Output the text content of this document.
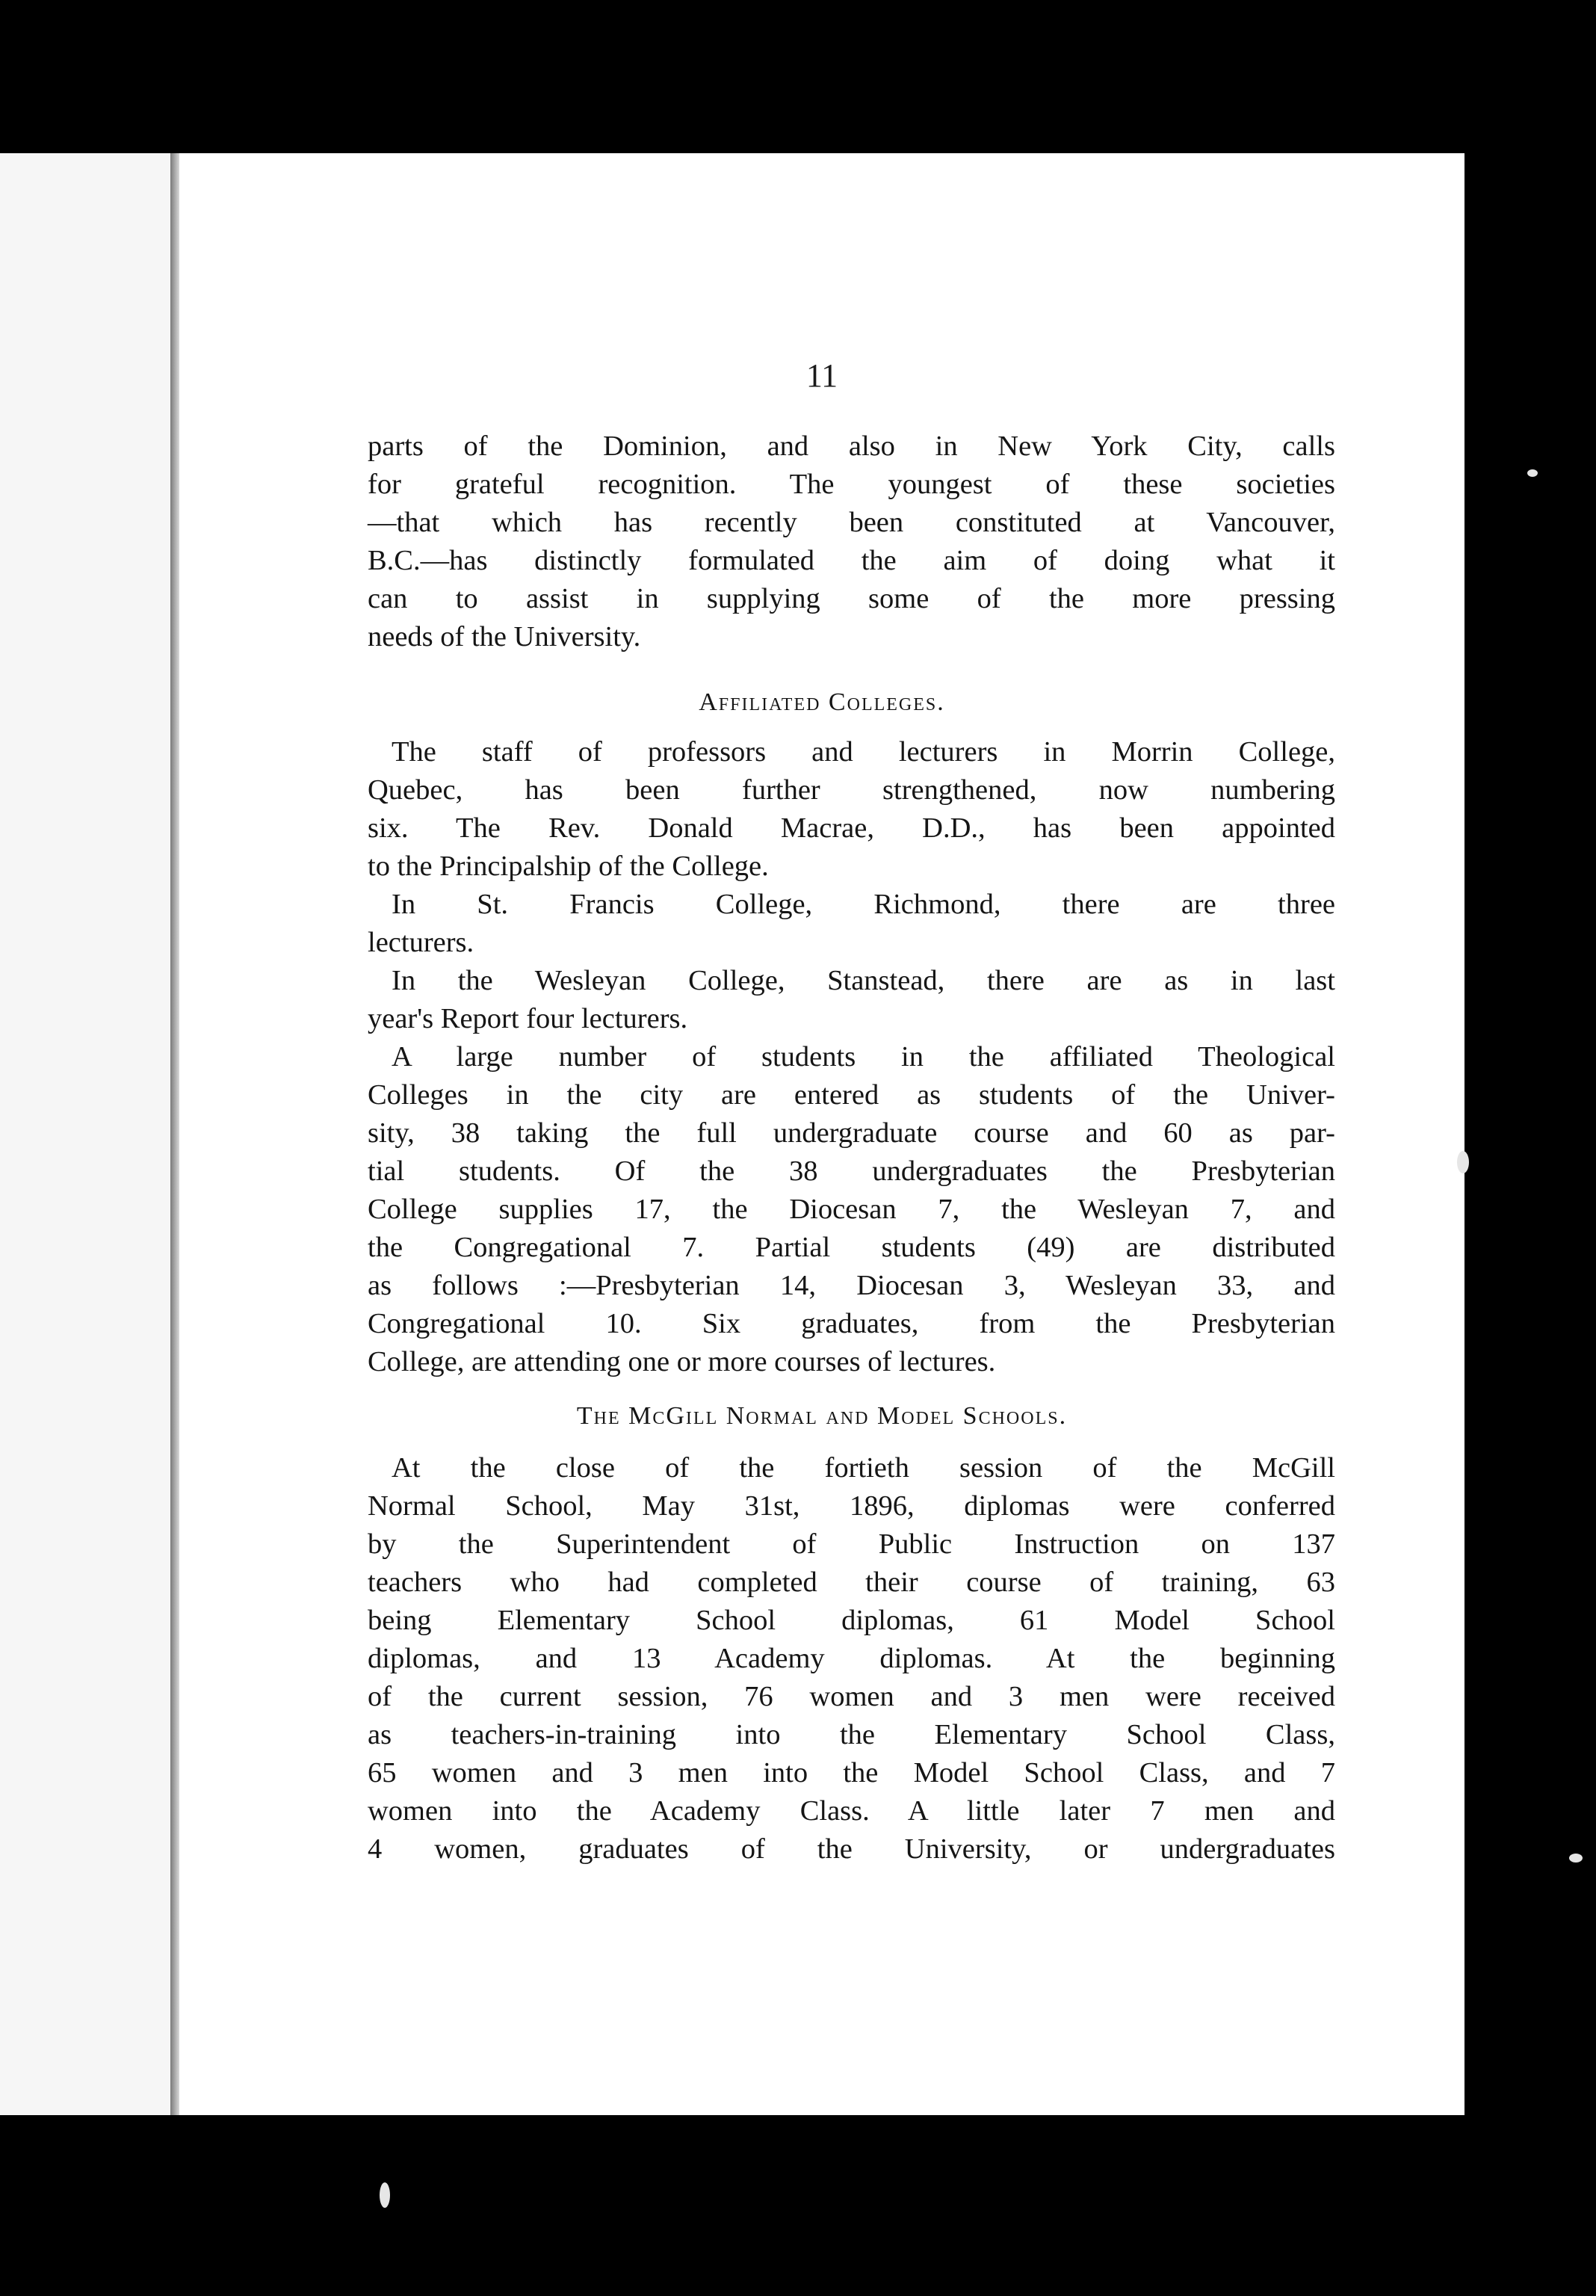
11
parts of the Dominion, and also in New York City, calls
for grateful recognition. The youngest of these societies
—that which has recently been constituted at Vancouver,
B.C.—has distinctly formulated the aim of doing what it
can to assist in supplying some of the more pressing
needs of the University.
Affiliated Colleges.
The staff of professors and lecturers in Morrin College,
Quebec, has been further strengthened, now numbering
six. The Rev. Donald Macrae, D.D., has been appointed
to the Principalship of the College.
In St. Francis College, Richmond, there are three
lecturers.
In the Wesleyan College, Stanstead, there are as in last
year's Report four lecturers.
A large number of students in the affiliated Theological
Colleges in the city are entered as students of the Univer-
sity, 38 taking the full undergraduate course and 60 as par-
tial students. Of the 38 undergraduates the Presbyterian
College supplies 17, the Diocesan 7, the Wesleyan 7, and
the Congregational 7. Partial students (49) are distributed
as follows :—Presbyterian 14, Diocesan 3, Wesleyan 33, and
Congregational 10. Six graduates, from the Presbyterian
College, are attending one or more courses of lectures.
The McGill Normal and Model Schools.
At the close of the fortieth session of the McGill
Normal School, May 31st, 1896, diplomas were conferred
by the Superintendent of Public Instruction on 137
teachers who had completed their course of training, 63
being Elementary School diplomas, 61 Model School
diplomas, and 13 Academy diplomas. At the beginning
of the current session, 76 women and 3 men were received
as teachers-in-training into the Elementary School Class,
65 women and 3 men into the Model School Class, and 7
women into the Academy Class. A little later 7 men and
4 women, graduates of the University, or undergraduates
